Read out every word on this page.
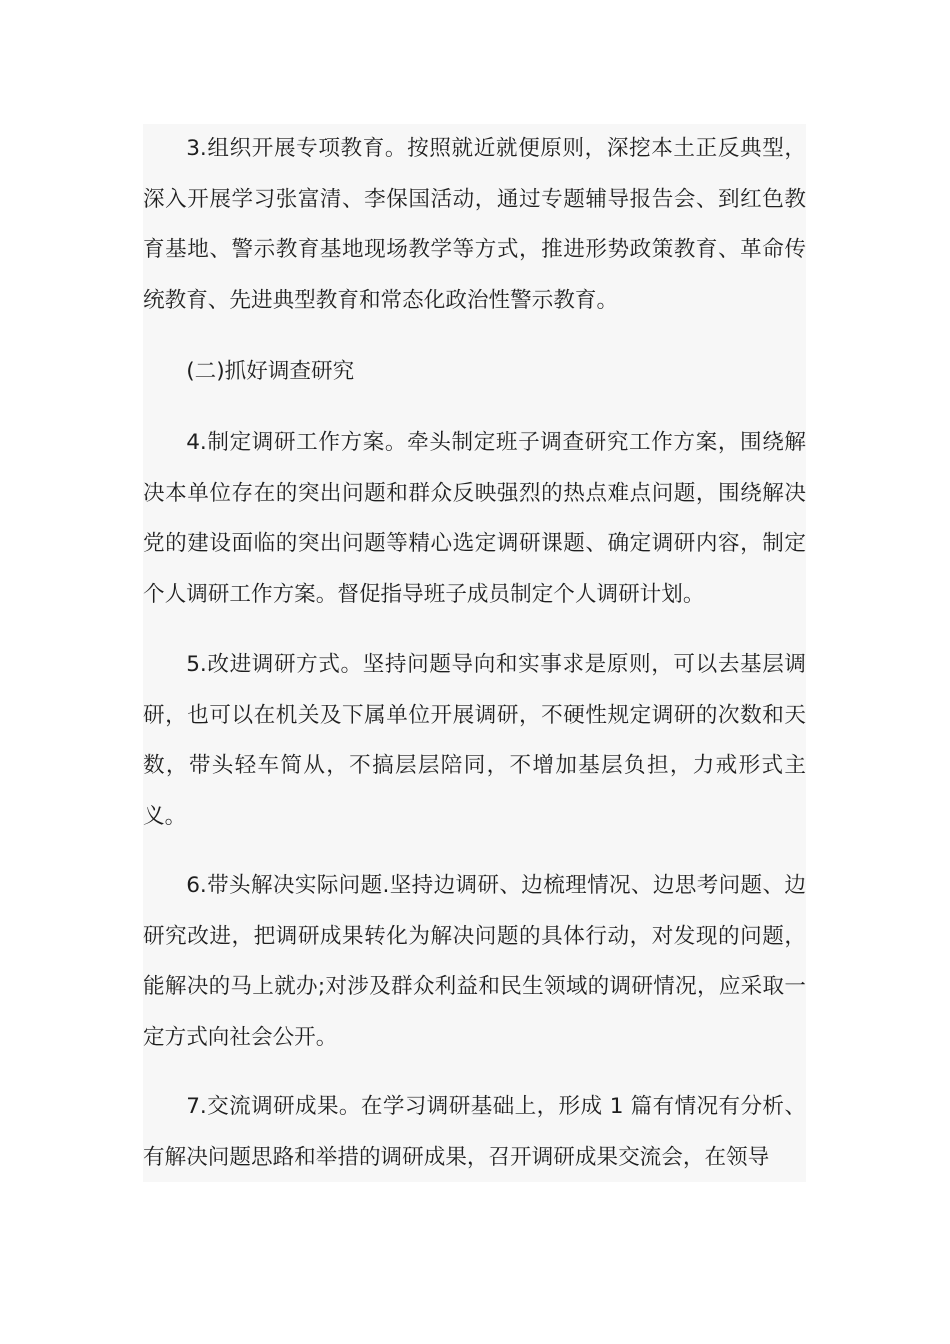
3.组织开展专项教育。按照就近就便原则，深挖本土正反典型，深入开展学习张富清、李保国活动，通过专题辅导报告会、到红色教育基地、警示教育基地现场教学等方式，推进形势政策教育、革命传统教育、先进典型教育和常态化政治性警示教育。

(二)抓好调查研究

4.制定调研工作方案。牵头制定班子调查研究工作方案，围绕解决本单位存在的突出问题和群众反映强烈的热点难点问题，围绕解决党的建设面临的突出问题等精心选定调研课题、确定调研内容，制定个人调研工作方案。督促指导班子成员制定个人调研计划。

5.改进调研方式。坚持问题导向和实事求是原则，可以去基层调研，也可以在机关及下属单位开展调研，不硬性规定调研的次数和天数，带头轻车简从，不搞层层陪同，不增加基层负担，力戒形式主义。

6.带头解决实际问题.坚持边调研、边梳理情况、边思考问题、边研究改进，把调研成果转化为解决问题的具体行动，对发现的问题，能解决的马上就办;对涉及群众利益和民生领域的调研情况，应采取一定方式向社会公开。

7.交流调研成果。在学习调研基础上，形成 1 篇有情况有分析、有解决问题思路和举措的调研成果，召开调研成果交流会，在领导
